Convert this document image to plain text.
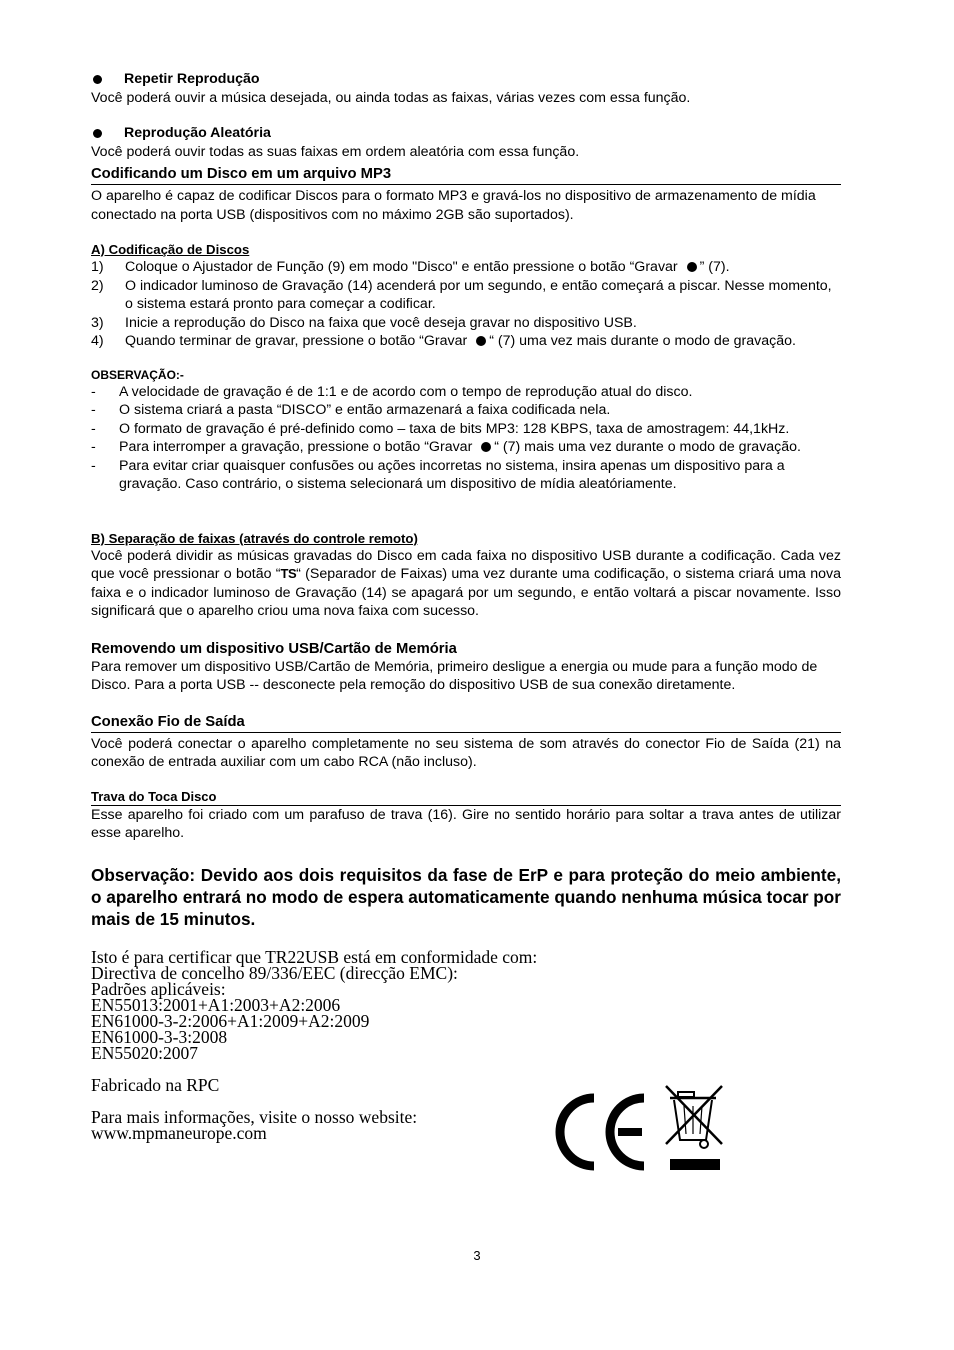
Repetir Reprodução
Você poderá ouvir a música desejada, ou ainda todas as faixas, várias vezes com essa função.
Reprodução Aleatória
Você poderá ouvir todas as suas faixas em ordem aleatória com essa função.
Codificando um Disco em um arquivo MP3
O aparelho é capaz de codificar Discos para o formato MP3 e gravá-los no dispositivo de armazenamento de mídia conectado na porta USB (dispositivos com no máximo 2GB são suportados).
A) Codificação de Discos
1) Coloque o Ajustador de Função (9) em modo "Disco" e então pressione o botão “Gravar ” (7).
2) O indicador luminoso de Gravação (14) acenderá por um segundo, e então começará a piscar. Nesse momento, o sistema estará pronto para começar a codificar.
3) Inicie a reprodução do Disco na faixa que você deseja gravar no dispositivo USB.
4) Quando terminar de gravar, pressione o botão “Gravar “ (7) uma vez mais durante o modo de gravação.
OBSERVAÇÃO:-
- A velocidade de gravação é de 1:1 e de acordo com o tempo de reprodução atual do disco.
- O sistema criará a pasta “DISCO” e então armazenará a faixa codificada nela.
- O formato de gravação é pré-definido como – taxa de bits MP3: 128 KBPS, taxa de amostragem: 44,1kHz.
- Para interromper a gravação, pressione o botão “Gravar “ (7) mais uma vez durante o modo de gravação.
- Para evitar criar quaisquer confusões ou ações incorretas no sistema, insira apenas um dispositivo para a gravação. Caso contrário, o sistema selecionará um dispositivo de mídia aleatóriamente.
B) Separação de faixas (através do controle remoto)
Você poderá dividir as músicas gravadas do Disco em cada faixa no dispositivo USB durante a codificação. Cada vez que você pressionar o botão “TS“ (Separador de Faixas) uma vez durante uma codificação, o sistema criará uma nova faixa e o indicador luminoso de Gravação (14) se apagará por um segundo, e então voltará a piscar novamente. Isso significará que o aparelho criou uma nova faixa com sucesso.
Removendo um dispositivo USB/Cartão de Memória
Para remover um dispositivo USB/Cartão de Memória, primeiro desligue a energia ou mude para a função modo de Disco. Para a porta USB -- desconecte pela remoção do dispositivo USB de sua conexão diretamente.
Conexão Fio de Saída
Você poderá conectar o aparelho completamente no seu sistema de som através do conector Fio de Saída (21) na conexão de entrada auxiliar com um cabo RCA (não incluso).
Trava do Toca Disco
Esse aparelho foi criado com um parafuso de trava (16). Gire no sentido horário para soltar a trava antes de utilizar esse aparelho.
Observação: Devido aos dois requisitos da fase de ErP e para proteção do meio ambiente, o aparelho entrará no modo de espera automaticamente quando nenhuma música tocar por mais de 15 minutos.
Isto é para certificar que TR22USB está em conformidade com:
Directiva de concelho 89/336/EEC (direcção EMC):
Padrões aplicáveis:
EN55013:2001+A1:2003+A2:2006
EN61000-3-2:2006+A1:2009+A2:2009
EN61000-3-3:2008
EN55020:2007
Fabricado na RPC
Para mais informações, visite o nosso website:
www.mpmaneurope.com
3
